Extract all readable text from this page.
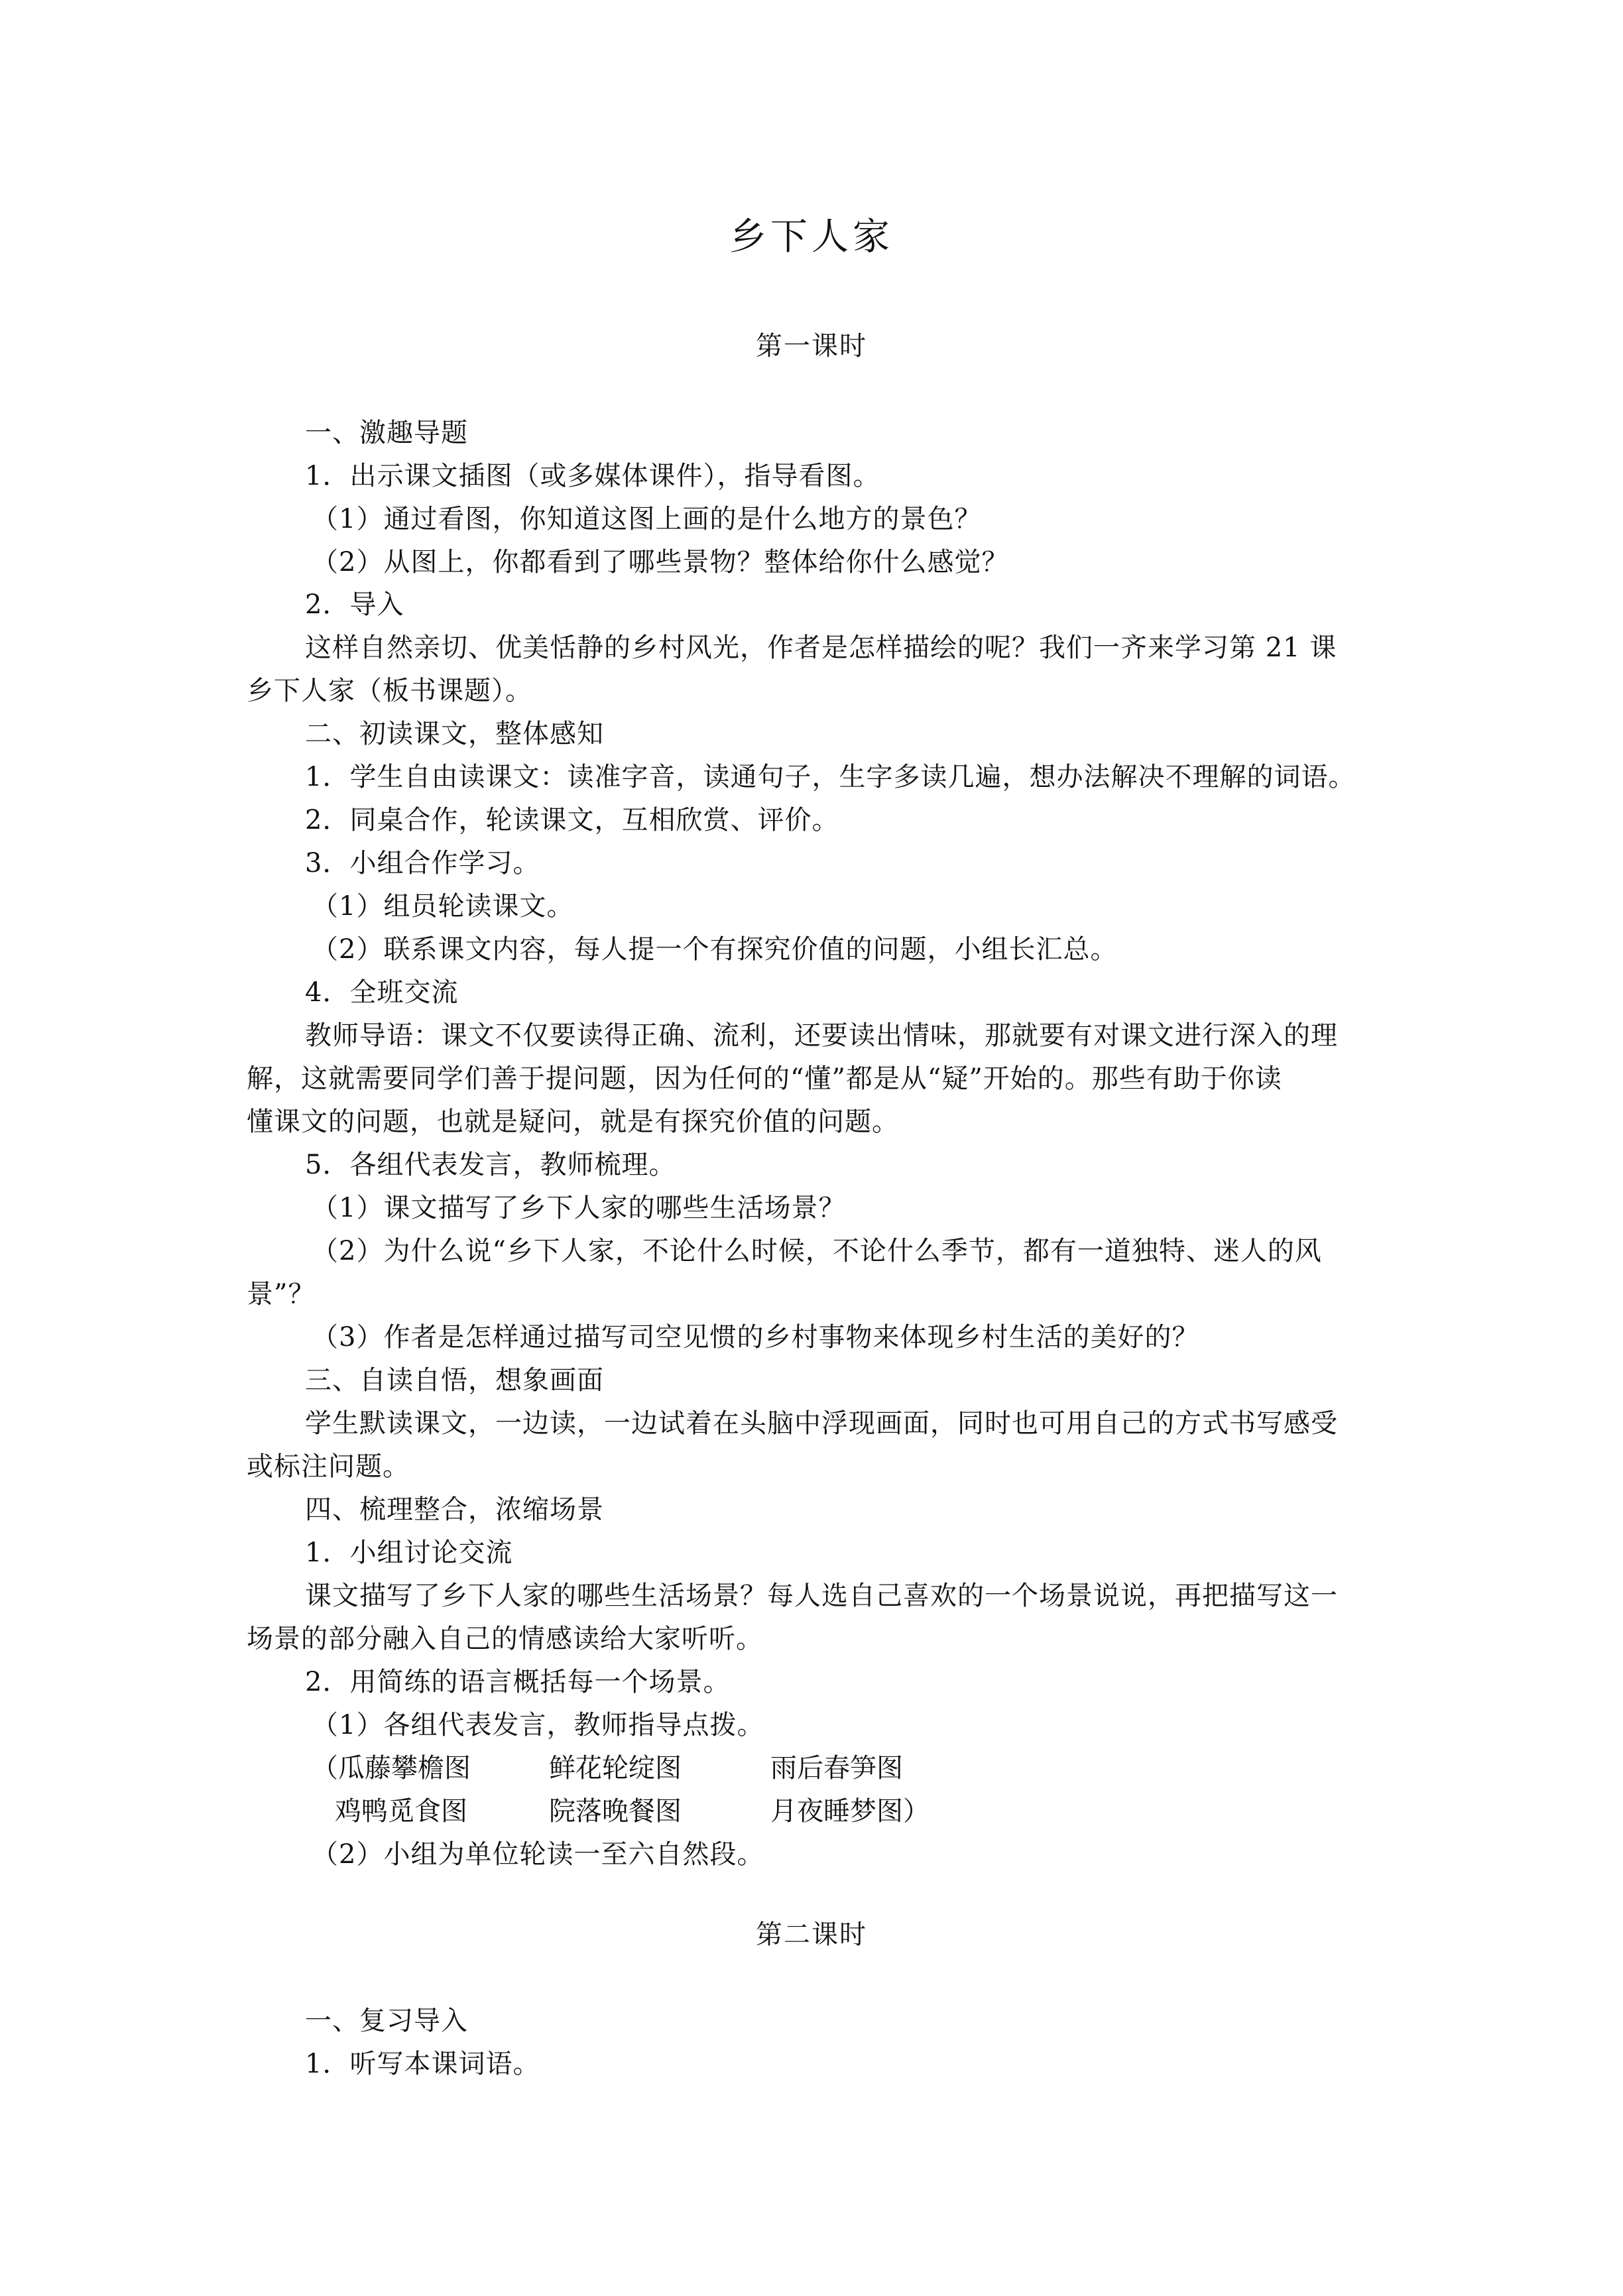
乡下人家
第一课时
一、激趣导题
1．出示课文插图（或多媒体课件），指导看图。
（1）通过看图，你知道这图上画的是什么地方的景色？
（2）从图上，你都看到了哪些景物？整体给你什么感觉？
2．导入
这样自然亲切、优美恬静的乡村风光，作者是怎样描绘的呢？我们一齐来学习第 21 课
乡下人家（板书课题）。
二、初读课文，整体感知
1．学生自由读课文：读准字音，读通句子，生字多读几遍，想办法解决不理解的词语。
2．同桌合作，轮读课文，互相欣赏、评价。
3．小组合作学习。
（1）组员轮读课文。
（2）联系课文内容，每人提一个有探究价值的问题，小组长汇总。
4．全班交流
教师导语：课文不仅要读得正确、流利，还要读出情味，那就要有对课文进行深入的理
解，这就需要同学们善于提问题，因为任何的“懂”都是从“疑”开始的。那些有助于你读
懂课文的问题，也就是疑问，就是有探究价值的问题。
5．各组代表发言，教师梳理。
（1）课文描写了乡下人家的哪些生活场景？
（2）为什么说“乡下人家，不论什么时候，不论什么季节，都有一道独特、迷人的风
景”？
（3）作者是怎样通过描写司空见惯的乡村事物来体现乡村生活的美好的？
三、自读自悟，想象画面
学生默读课文，一边读，一边试着在头脑中浮现画面，同时也可用自己的方式书写感受
或标注问题。
四、梳理整合，浓缩场景
1．小组讨论交流
课文描写了乡下人家的哪些生活场景？每人选自己喜欢的一个场景说说，再把描写这一
场景的部分融入自己的情感读给大家听听。
2．用简练的语言概括每一个场景。
（1）各组代表发言，教师指导点拨。
（瓜藤攀檐图	鲜花轮绽图	雨后春笋图
鸡鸭觅食图	院落晚餐图	月夜睡梦图）
（2）小组为单位轮读一至六自然段。
第二课时
一、复习导入
1．听写本课词语。
